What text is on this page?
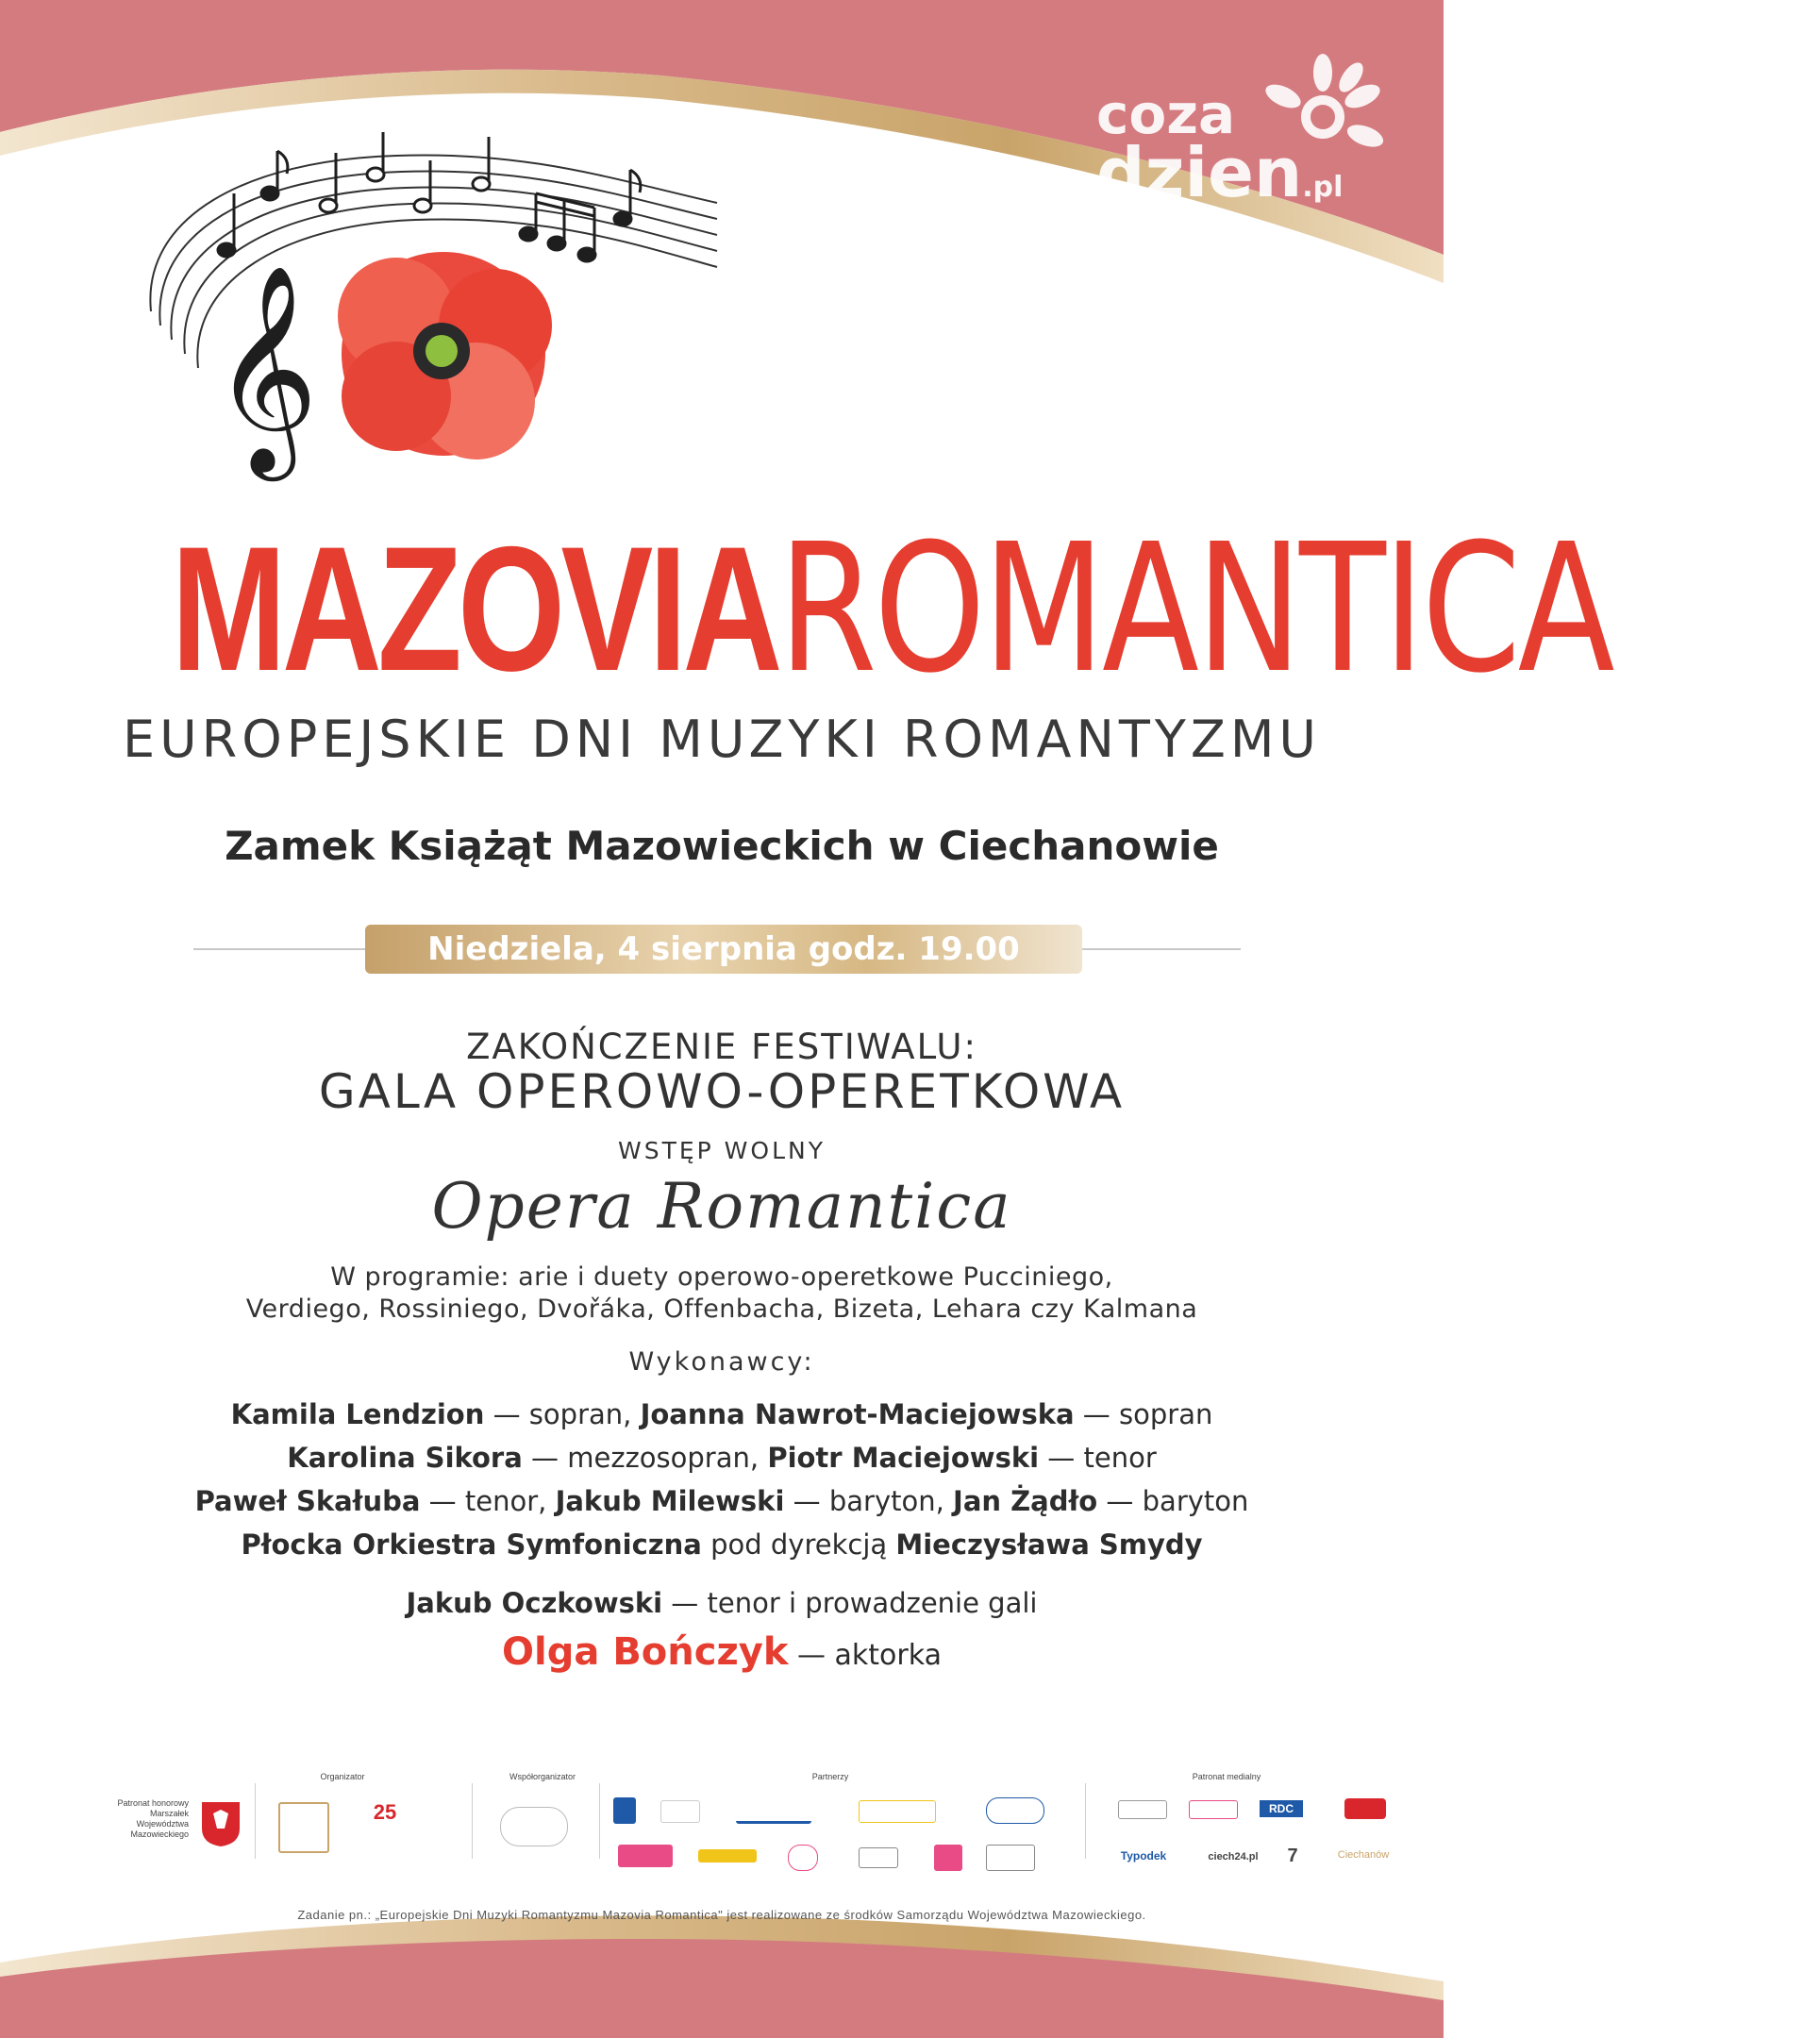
𝄞
coza
dzien.pl
MAZOVIAROMANTICA
EUROPEJSKIE DNI MUZYKI ROMANTYZMU
Zamek Książąt Mazowieckich w Ciechanowie
Niedziela, 4 sierpnia godz. 19.00
ZAKOŃCZENIE FESTIWALU:
GALA OPEROWO-OPERETKOWA
WSTĘP WOLNY
Opera Romantica
W programie: arie i duety operowo-operetkowe Pucciniego,
Verdiego, Rossiniego, Dvořáka, Offenbacha, Bizeta, Lehara czy Kalmana
Wykonawcy:
Kamila Lendzion — sopran, Joanna Nawrot-Maciejowska — sopran
Karolina Sikora — mezzosopran, Piotr Maciejowski — tenor
Paweł Skałuba — tenor, Jakub Milewski — baryton, Jan Żądło — baryton
Płocka Orkiestra Symfoniczna pod dyrekcją Mieczysława Smydy
Jakub Oczkowski — tenor i prowadzenie gali
Olga Bończyk — aktorka
Patronat honorowy
Marszałek
Województwa
Mazowieckiego
Organizator
25
Współorganizator	Partnerzy	Patronat medialny
RDC
Typodek	ciech24.pl	7	Ciechanów
Zadanie pn.: „Europejskie Dni Muzyki Romantyzmu Mazovia Romantica" jest realizowane ze środków Samorządu Województwa Mazowieckiego.
